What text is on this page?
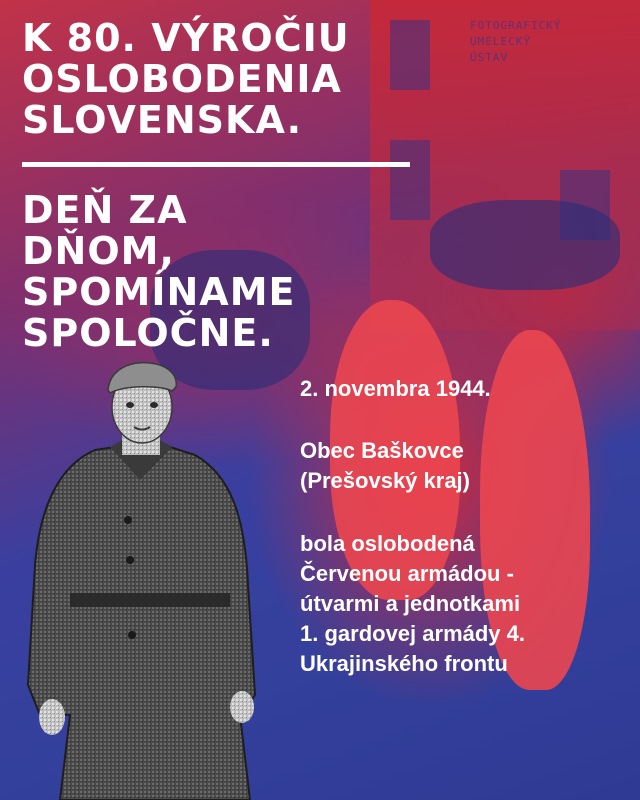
FOTOGRAFICKÝ
UMELECKÝ
ÚSTAV
K 80. VÝROČIU
OSLOBODENIA
SLOVENSKA.
DEŇ ZA
DŇOM,
SPOMÍNAME
SPOLOČNE.

2. novembra 1944.

Obec Baškovce
(Prešovský kraj)

bola oslobodená
Červenou armádou -
útvarmi a jednotkami
1. gardovej armády 4.
Ukrajinského frontu
